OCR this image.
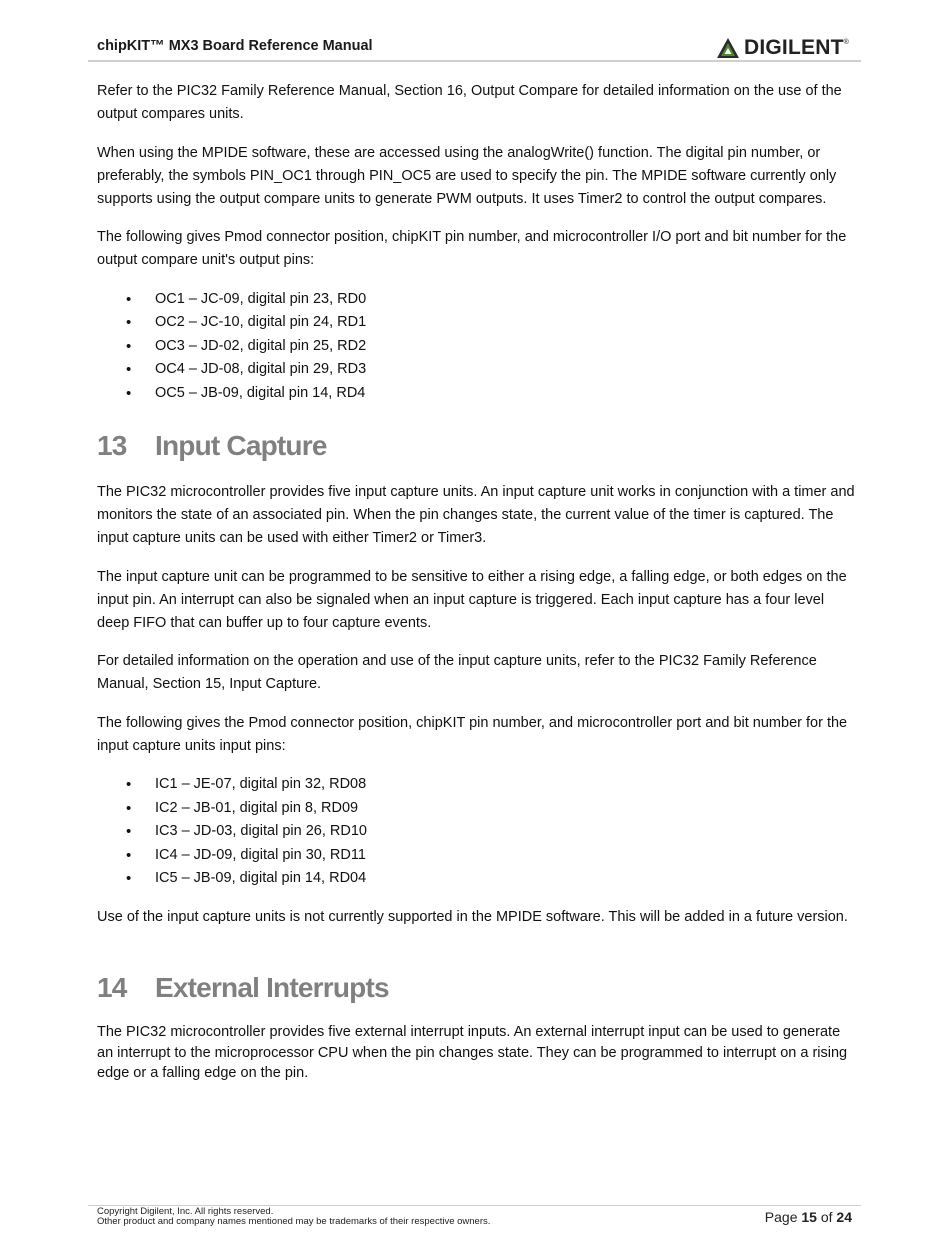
chipKIT™ MX3 Board Reference Manual	DIGILENT ®

Refer to the PIC32 Family Reference Manual, Section 16, Output Compare for detailed information on the use of the output compares units.

When using the MPIDE software, these are accessed using the analogWrite() function. The digital pin number, or preferably, the symbols PIN_OC1 through PIN_OC5 are used to specify the pin. The MPIDE software currently only supports using the output compare units to generate PWM outputs. It uses Timer2 to control the output compares.

The following gives Pmod connector position, chipKIT pin number, and microcontroller I/O port and bit number for the output compare unit's output pins:

• OC1 – JC-09, digital pin 23, RD0
• OC2 – JC-10, digital pin 24, RD1
• OC3 – JD-02, digital pin 25, RD2
• OC4 – JD-08, digital pin 29, RD3
• OC5 – JB-09, digital pin 14, RD4
13	Input Capture

The PIC32 microcontroller provides five input capture units. An input capture unit works in conjunction with a timer and monitors the state of an associated pin. When the pin changes state, the current value of the timer is captured. The input capture units can be used with either Timer2 or Timer3.

The input capture unit can be programmed to be sensitive to either a rising edge, a falling edge, or both edges on the input pin. An interrupt can also be signaled when an input capture is triggered. Each input capture has a four level deep FIFO that can buffer up to four capture events.

For detailed information on the operation and use of the input capture units, refer to the PIC32 Family Reference Manual, Section 15, Input Capture.

The following gives the Pmod connector position, chipKIT pin number, and microcontroller port and bit number for the input capture units input pins:

• IC1 – JE-07, digital pin 32, RD08
• IC2 – JB-01, digital pin 8, RD09
• IC3 – JD-03, digital pin 26, RD10
• IC4 – JD-09, digital pin 30, RD11
• IC5 – JB-09, digital pin 14, RD04

Use of the input capture units is not currently supported in the MPIDE software. This will be added in a future version.

14	External Interrupts

The PIC32 microcontroller provides five external interrupt inputs. An external interrupt input can be used to generate an interrupt to the microprocessor CPU when the pin changes state. They can be programmed to interrupt on a rising edge or a falling edge on the pin.

Copyright Digilent, Inc. All rights reserved.
Other product and company names mentioned may be trademarks of their respective owners.	Page 15 of 24
